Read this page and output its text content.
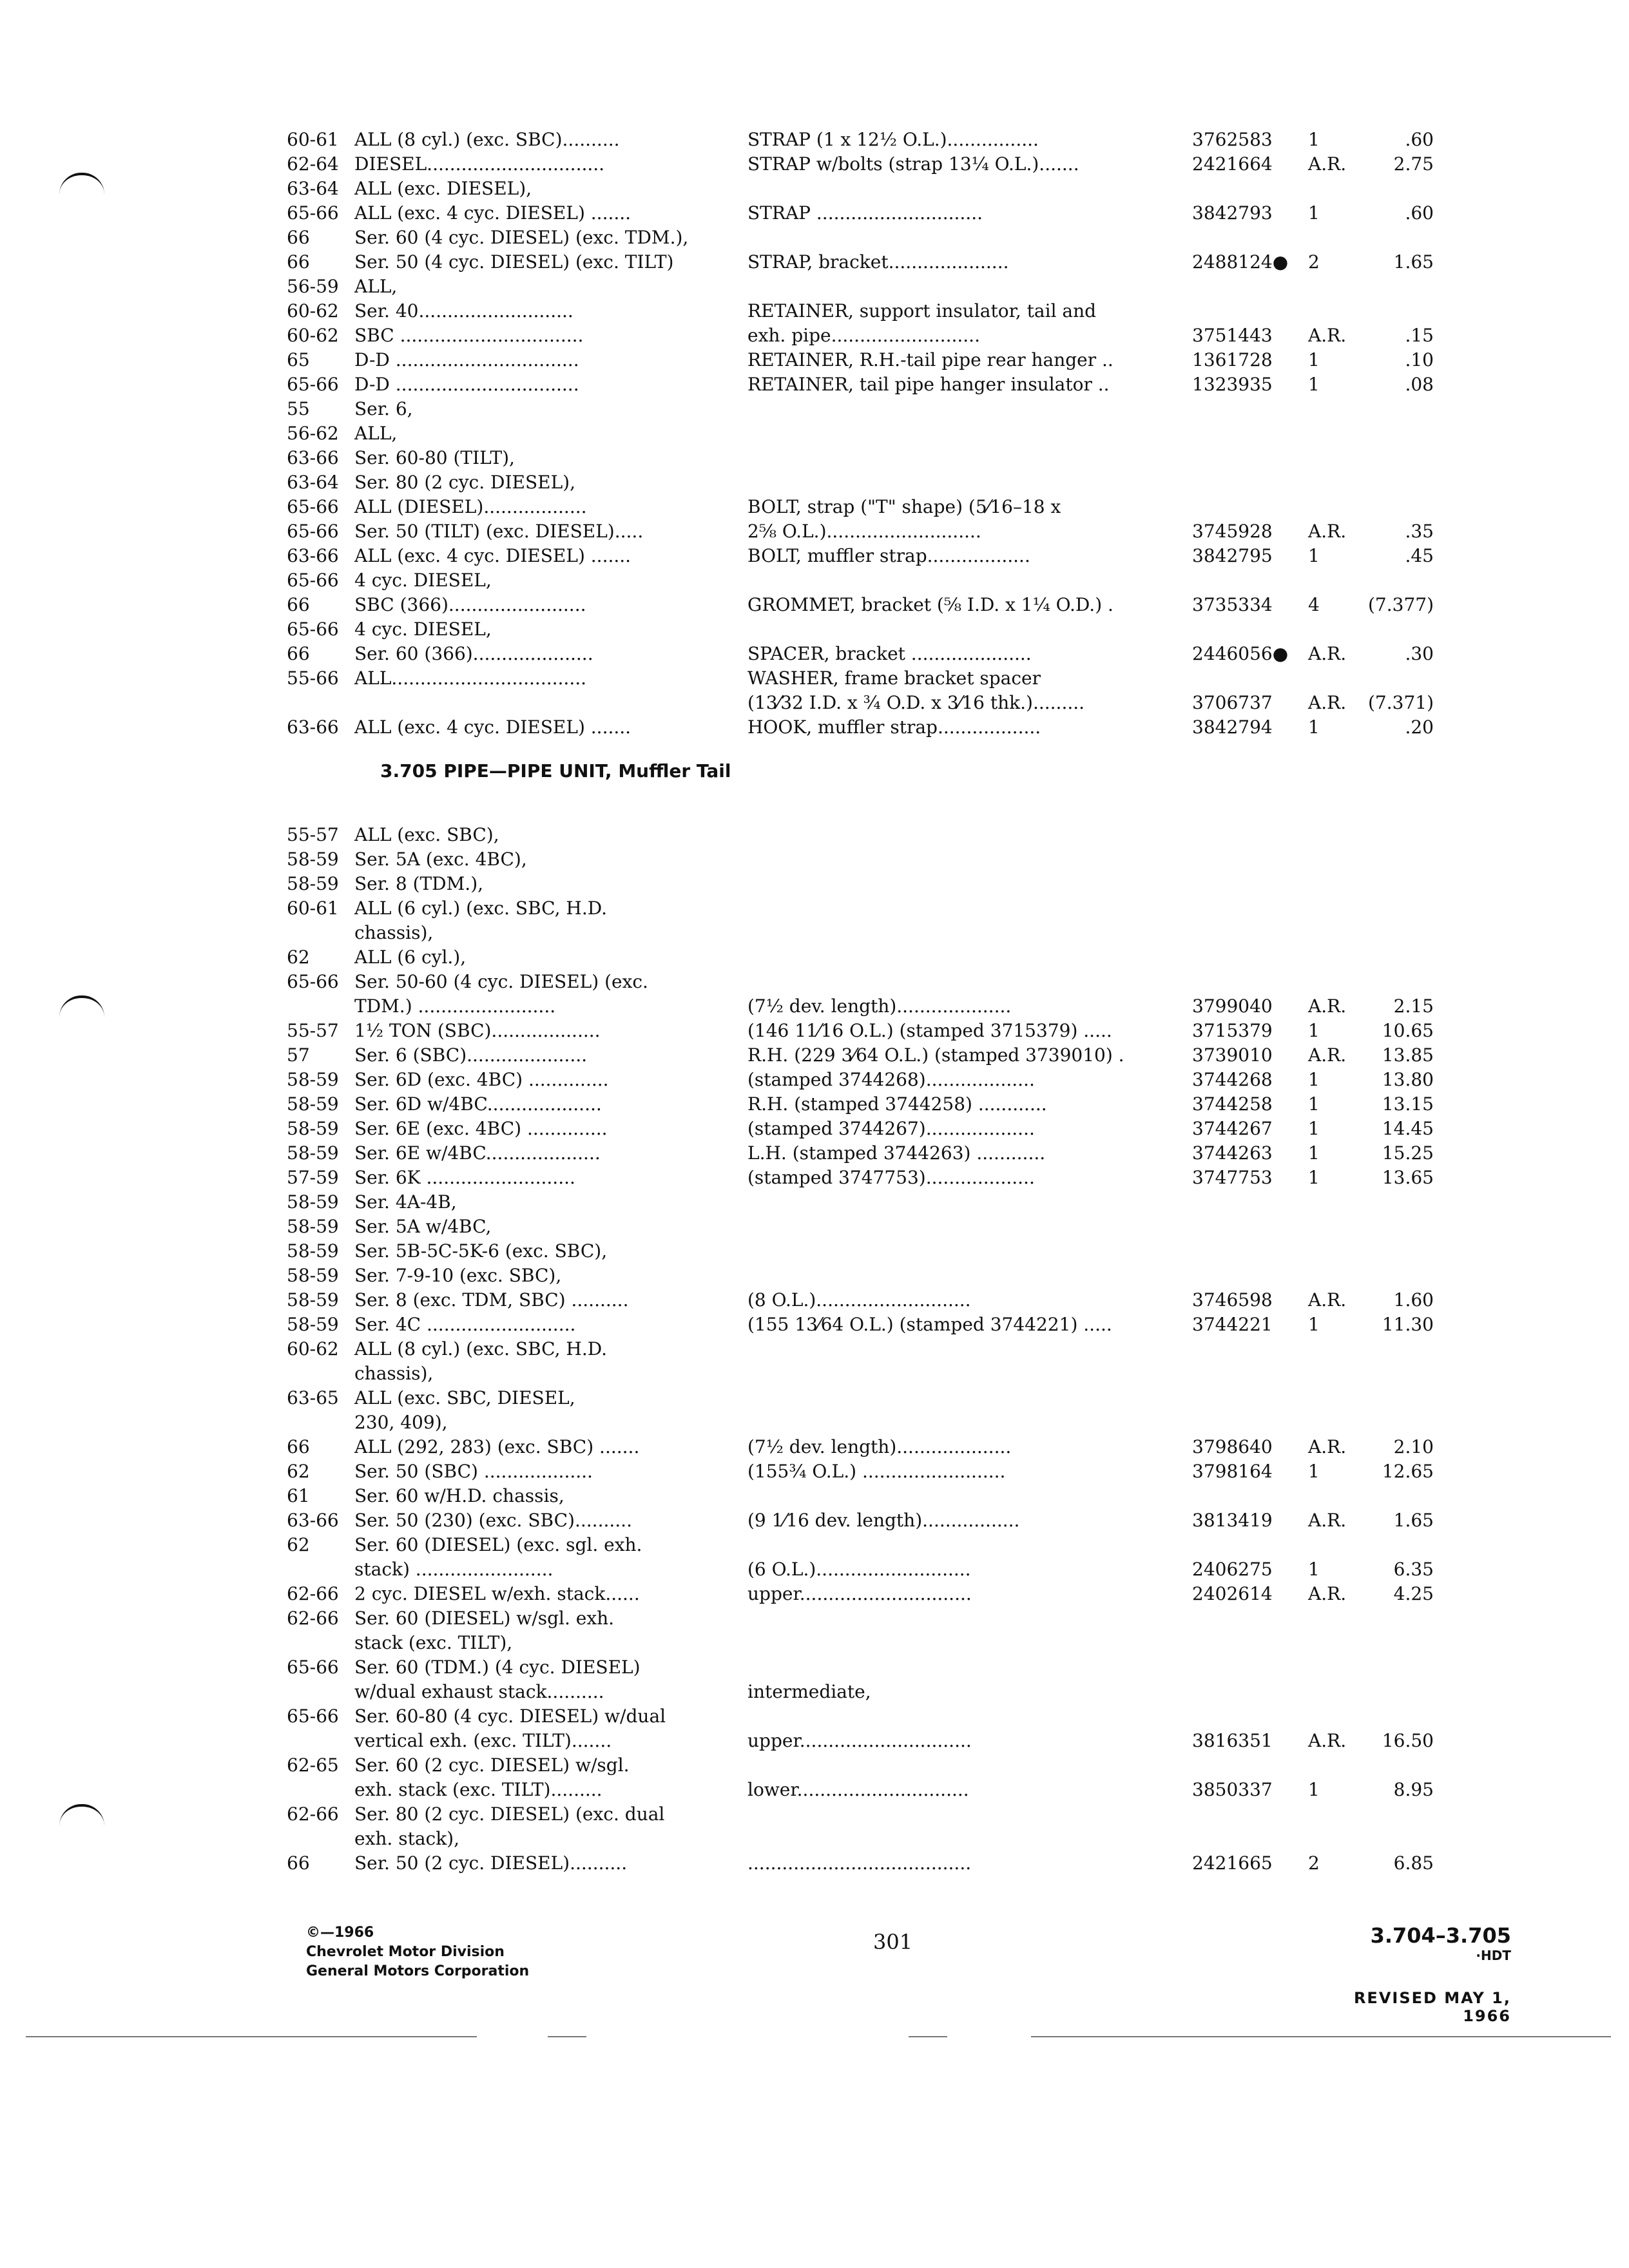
60-61 ALL (8 cyl.) (exc. SBC)..........	STRAP (1 x 12½ O.L.)................	3762583	1	.60
62-64 DIESEL...............................	STRAP w/bolts (strap 13¼ O.L.).......	2421664	A.R.	2.75
63-64 ALL (exc. DIESEL),
65-66 ALL (exc. 4 cyc. DIESEL) .......	STRAP .............................	3842793	1	.60
66	Ser. 60 (4 cyc. DIESEL) (exc. TDM.),
66	Ser. 50 (4 cyc. DIESEL) (exc. TILT)	STRAP, bracket.....................	2488124●	2	1.65
56-59 ALL,
60-62 Ser. 40...........................	RETAINER, support insulator, tail and
60-62 SBC ................................	exh. pipe..........................	3751443	A.R.	.15
65	D-D ................................	RETAINER, R.H.-tail pipe rear hanger ..	1361728	1	.10
65-66 D-D ................................	RETAINER, tail pipe hanger insulator ..	1323935	1	.08
55	Ser. 6,
56-62 ALL,
63-66 Ser. 60-80 (TILT),
63-64 Ser. 80 (2 cyc. DIESEL),
65-66 ALL (DIESEL)..................	BOLT, strap ("T" shape) (5⁄16–18 x
65-66 Ser. 50 (TILT) (exc. DIESEL).....	2⅝ O.L.)...........................	3745928	A.R.	.35
63-66 ALL (exc. 4 cyc. DIESEL) .......	BOLT, muffler strap..................	3842795	1	.45
65-66 4 cyc. DIESEL,
66	SBC (366)........................	GROMMET, bracket (⅝ I.D. x 1¼ O.D.) .	3735334	4	(7.377)
65-66 4 cyc. DIESEL,
66	Ser. 60 (366).....................	SPACER, bracket .....................	2446056●	A.R.	.30
55-66 ALL..................................	WASHER, frame bracket spacer
(13⁄32 I.D. x ¾ O.D. x 3⁄16 thk.).........	3706737	A.R.	(7.371)
63-66 ALL (exc. 4 cyc. DIESEL) .......	HOOK, muffler strap..................	3842794	1	.20
3.705 PIPE—PIPE UNIT, Muffler Tail
55-57 ALL (exc. SBC),
58-59 Ser. 5A (exc. 4BC),
58-59 Ser. 8 (TDM.),
60-61 ALL (6 cyl.) (exc. SBC, H.D.
chassis),
62	ALL (6 cyl.),
65-66 Ser. 50-60 (4 cyc. DIESEL) (exc.
TDM.) ........................	(7½ dev. length)....................	3799040	A.R.	2.15
55-57 1½ TON (SBC)...................	(146 11⁄16 O.L.) (stamped 3715379) .....	3715379	1	10.65
57	Ser. 6 (SBC).....................	R.H. (229 3⁄64 O.L.) (stamped 3739010) .	3739010	A.R.	13.85
58-59 Ser. 6D (exc. 4BC) ..............	(stamped 3744268)...................	3744268	1	13.80
58-59 Ser. 6D w/4BC....................	R.H. (stamped 3744258) ............	3744258	1	13.15
58-59 Ser. 6E (exc. 4BC) ..............	(stamped 3744267)...................	3744267	1	14.45
58-59 Ser. 6E w/4BC....................	L.H. (stamped 3744263) ............	3744263	1	15.25
57-59 Ser. 6K ..........................	(stamped 3747753)...................	3747753	1	13.65
58-59 Ser. 4A-4B,
58-59 Ser. 5A w/4BC,
58-59 Ser. 5B-5C-5K-6 (exc. SBC),
58-59 Ser. 7-9-10 (exc. SBC),
58-59 Ser. 8 (exc. TDM, SBC) ..........	(8 O.L.)...........................	3746598	A.R.	1.60
58-59 Ser. 4C ..........................	(155 13⁄64 O.L.) (stamped 3744221) .....	3744221	1	11.30
60-62 ALL (8 cyl.) (exc. SBC, H.D.
chassis),
63-65 ALL (exc. SBC, DIESEL,
230, 409),
66	ALL (292, 283) (exc. SBC) .......	(7½ dev. length)....................	3798640	A.R.	2.10
62	Ser. 50 (SBC) ...................	(155¾ O.L.) .........................	3798164	1	12.65
61	Ser. 60 w/H.D. chassis,
63-66 Ser. 50 (230) (exc. SBC)..........	(9 1⁄16 dev. length).................	3813419	A.R.	1.65
62	Ser. 60 (DIESEL) (exc. sgl. exh.
stack) ........................	(6 O.L.)...........................	2406275	1	6.35
62-66 2 cyc. DIESEL w/exh. stack......	upper..............................	2402614	A.R.	4.25
62-66 Ser. 60 (DIESEL) w/sgl. exh.
stack (exc. TILT),
65-66 Ser. 60 (TDM.) (4 cyc. DIESEL)
w/dual exhaust stack..........	intermediate,
65-66 Ser. 60-80 (4 cyc. DIESEL) w/dual
vertical exh. (exc. TILT).......	upper..............................	3816351	A.R.	16.50
62-65 Ser. 60 (2 cyc. DIESEL) w/sgl.
exh. stack (exc. TILT).........	lower..............................	3850337	1	8.95
62-66 Ser. 80 (2 cyc. DIESEL) (exc. dual
exh. stack),
66	Ser. 50 (2 cyc. DIESEL)..........	.......................................	2421665	2	6.85
©—1966
Chevrolet Motor Division
General Motors Corporation
301	3.704–3.705
·HDT
REVISED MAY 1, 1966
